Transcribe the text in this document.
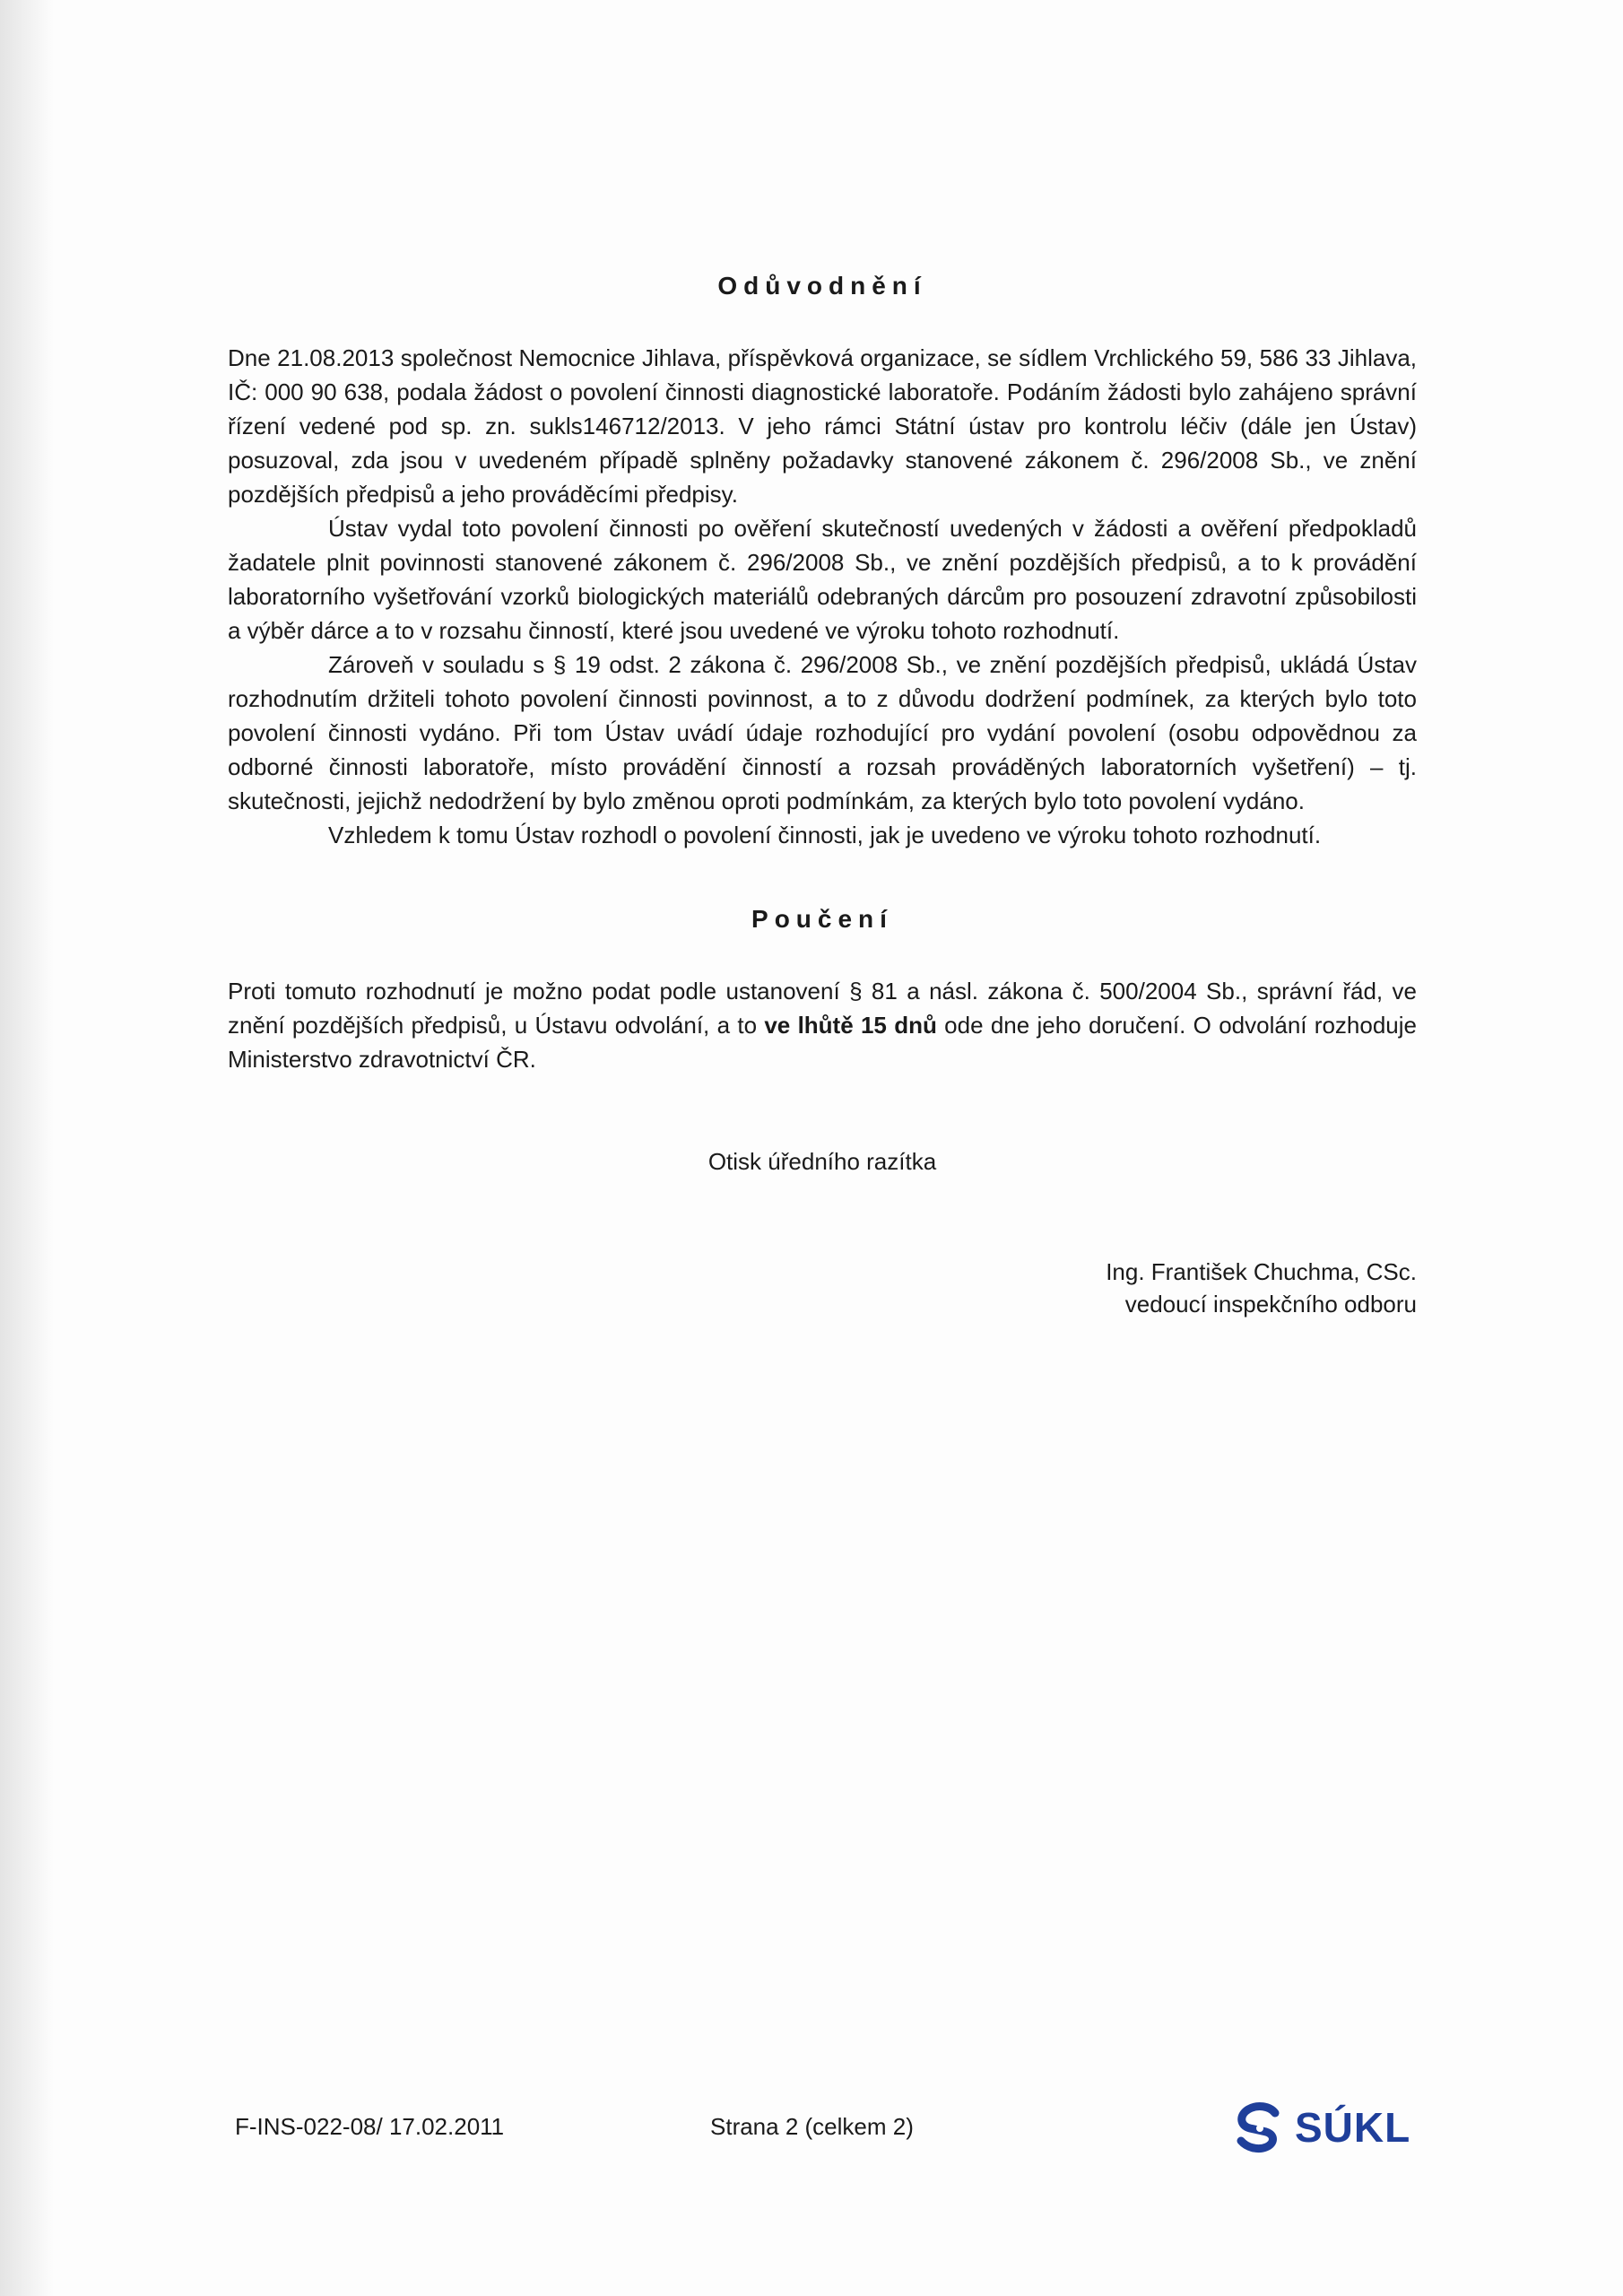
Odůvodnění

Dne 21.08.2013 společnost Nemocnice Jihlava, příspěvková organizace, se sídlem Vrchlického 59, 586 33 Jihlava, IČ: 000 90 638, podala žádost o povolení činnosti diagnostické laboratoře. Podáním žádosti bylo zahájeno správní řízení vedené pod sp. zn. sukls146712/2013. V jeho rámci Státní ústav pro kontrolu léčiv (dále jen Ústav) posuzoval, zda jsou v uvedeném případě splněny požadavky stanovené zákonem č. 296/2008 Sb., ve znění pozdějších předpisů a jeho prováděcími předpisy.

Ústav vydal toto povolení činnosti po ověření skutečností uvedených v žádosti a ověření předpokladů žadatele plnit povinnosti stanovené zákonem č. 296/2008 Sb., ve znění pozdějších předpisů, a to k provádění laboratorního vyšetřování vzorků biologických materiálů odebraných dárcům pro posouzení zdravotní způsobilosti a výběr dárce a to v rozsahu činností, které jsou uvedené ve výroku tohoto rozhodnutí.

Zároveň v souladu s § 19 odst. 2 zákona č. 296/2008 Sb., ve znění pozdějších předpisů, ukládá Ústav rozhodnutím držiteli tohoto povolení činnosti povinnost, a to z důvodu dodržení podmínek, za kterých bylo toto povolení činnosti vydáno. Při tom Ústav uvádí údaje rozhodující pro vydání povolení (osobu odpovědnou za odborné činnosti laboratoře, místo provádění činností a rozsah prováděných laboratorních vyšetření) – tj. skutečnosti, jejichž nedodržení by bylo změnou oproti podmínkám, za kterých bylo toto povolení vydáno.

Vzhledem k tomu Ústav rozhodl o povolení činnosti, jak je uvedeno ve výroku tohoto rozhodnutí.

Poučení

Proti tomuto rozhodnutí je možno podat podle ustanovení § 81 a násl. zákona č. 500/2004 Sb., správní řád, ve znění pozdějších předpisů, u Ústavu odvolání, a to ve lhůtě 15 dnů ode dne jeho doručení. O odvolání rozhoduje Ministerstvo zdravotnictví ČR.

Otisk úředního razítka
Ing. František Chuchma, CSc.
vedoucí inspekčního odboru
F-INS-022-08/ 17.02.2011	Strana 2 (celkem 2)	SÚKL
